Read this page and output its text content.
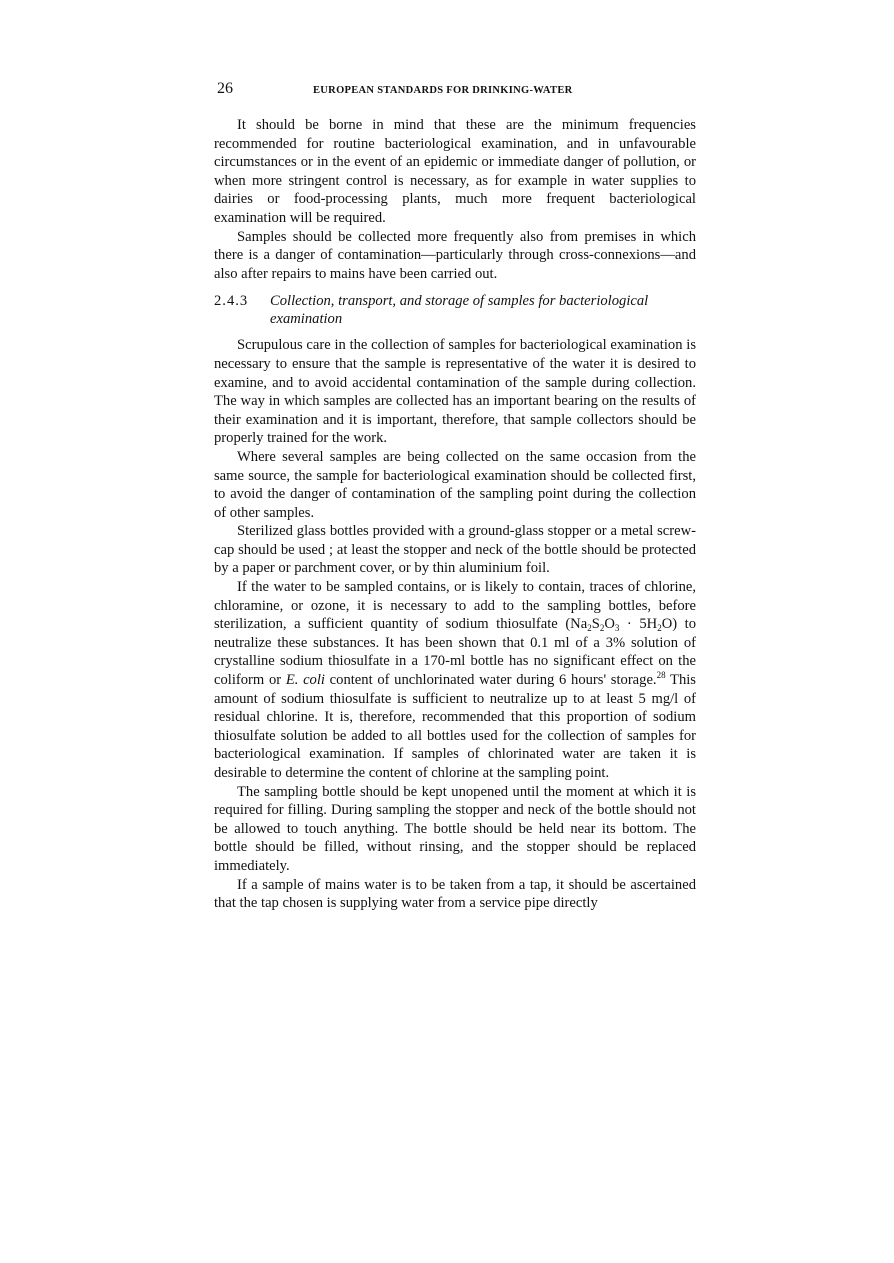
26	EUROPEAN STANDARDS FOR DRINKING-WATER

It should be borne in mind that these are the minimum frequencies recommended for routine bacteriological examination, and in unfavourable circumstances or in the event of an epidemic or immediate danger of pollution, or when more stringent control is necessary, as for example in water supplies to dairies or food-processing plants, much more frequent bacteriological examination will be required.

Samples should be collected more frequently also from premises in which there is a danger of contamination—particularly through cross-connexions—and also after repairs to mains have been carried out.

2.4.3 Collection, transport, and storage of samples for bacteriological examination

Scrupulous care in the collection of samples for bacteriological examination is necessary to ensure that the sample is representative of the water it is desired to examine, and to avoid accidental contamination of the sample during collection. The way in which samples are collected has an important bearing on the results of their examination and it is important, therefore, that sample collectors should be properly trained for the work.

Where several samples are being collected on the same occasion from the same source, the sample for bacteriological examination should be collected first, to avoid the danger of contamination of the sampling point during the collection of other samples.

Sterilized glass bottles provided with a ground-glass stopper or a metal screw-cap should be used ; at least the stopper and neck of the bottle should be protected by a paper or parchment cover, or by thin aluminium foil.

If the water to be sampled contains, or is likely to contain, traces of chlorine, chloramine, or ozone, it is necessary to add to the sampling bottles, before sterilization, a sufficient quantity of sodium thiosulfate $(Na_2S_2O_3 \cdot 5H_2O)$ to neutralize these substances. It has been shown that 0.1 ml of a 3% solution of crystalline sodium thiosulfate in a 170-ml bottle has no significant effect on the coliform or E. coli content of unchlorinated water during 6 hours' storage.$^{28}$ This amount of sodium thiosulfate is sufficient to neutralize up to at least 5 mg/l of residual chlorine. It is, therefore, recommended that this proportion of sodium thiosulfate solution be added to all bottles used for the collection of samples for bacteriological examination. If samples of chlorinated water are taken it is desirable to determine the content of chlorine at the sampling point.

The sampling bottle should be kept unopened until the moment at which it is required for filling. During sampling the stopper and neck of the bottle should not be allowed to touch anything. The bottle should be held near its bottom. The bottle should be filled, without rinsing, and the stopper should be replaced immediately.

If a sample of mains water is to be taken from a tap, it should be ascertained that the tap chosen is supplying water from a service pipe directly
